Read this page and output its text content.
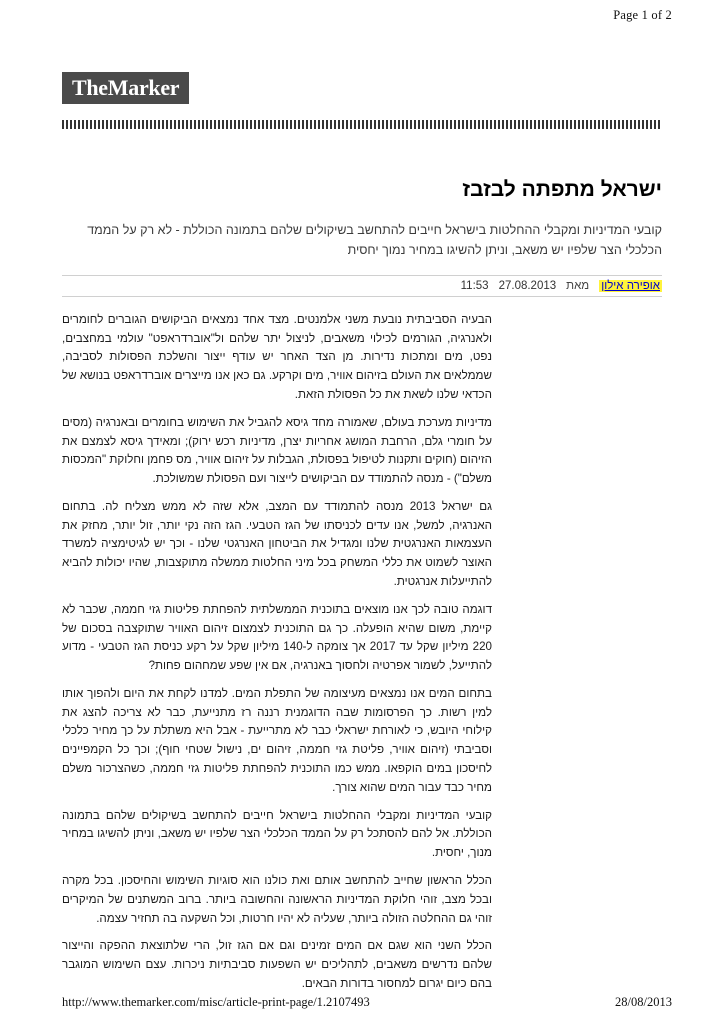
Page 1 of 2
TheMarker
ישראל מתפתה לבזבז
קובעי המדיניות ומקבלי ההחלטות בישראל חייבים להתחשב בשיקולים שלהם בתמונה הכוללת - לא רק על הממד הכלכלי הצר שלפיו יש משאב, וניתן להשיגו במחיר נמוך יחסית
אופירה אילון
מאת
27.08.2013
11:53

הבעיה הסביבתית נובעת משני אלמנטים. מצד אחד נמצאים הביקושים הגוברים לחומרים ולאנרגיה, הגורמים לכילוי משאבים, לניצול יתר שלהם ול"אוברדראפט" עולמי במחצבים, נפט, מים ומתכות נדירות. מן הצד האחר יש עודף ייצור והשלכת הפסולות לסביבה, שממלאים את העולם בזיהום אוויר, מים וקרקע. גם כאן אנו מייצרים אוברדראפט בנושא של הכדאי שלנו לשאת את כל הפסולת הזאת.

מדיניות מערכת בעולם, שאמורה מחד גיסא להגביל את השימוש בחומרים ובאנרגיה (מסים על חומרי גלם, הרחבת המושג אחריות יצרן, מדיניות רכש ירוק); ומאידך גיסא לצמצם את הזיהום (חוקים ותקנות לטיפול בפסולת, הגבלות על זיהום אוויר, מס פחמן וחלוקת "המכסות משלם") - מנסה להתמודד עם הביקושים לייצור ועם הפסולת שמשולכת.

גם ישראל 2013 מנסה להתמודד עם המצב, אלא שזה לא ממש מצליח לה. בתחום האנרגיה, למשל, אנו עדים לכניסתו של הגז הטבעי. הגז הזה נקי יותר, זול יותר, מחזק את העצמאות האנרגטית שלנו ומגדיל את הביטחון האנרגטי שלנו - וכך יש לגיטימציה למשרד האוצר לשמוט את כללי המשחק בכל מיני החלטות ממשלה מתוקצבות, שהיו יכולות להביא להתייעלות אנרגטית.

דוגמה טובה לכך אנו מוצאים בתוכנית הממשלתית להפחתת פליטות גזי חממה, שכבר לא קיימת, משום שהיא הופעלה. כך גם התוכנית לצמצום זיהום האוויר שתוקצבה בסכום של 220 מיליון שקל עד 2017 אך צומקה ל-140 מיליון שקל על רקע כניסת הגז הטבעי - מדוע להתייעל, לשמור אפרטיה ולחסוך באנרגיה, אם אין שפע שמחהום פחות?

בתחום המים אנו נמצאים מעיצומה של התפלת המים. למדנו לקחת את היום ולהפוך אותו למין רשות. כך הפרסומות שבה הדוגמנית רננה רז מתנייעת, כבר לא צריכה להצג את קילוחי היובש, כי לאורחת ישראלי כבר לא מתרייעת - אבל היא משתלת על כך מחיר כלכלי וסביבתי (זיהום אוויר, פליטת גזי חממה, זיהום ים, נישול שטחי חוף); וכך כל הקמפיינים לחיסכון במים הוקפאו. ממש כמו התוכנית להפחתת פליטות גזי חממה, כשהצרכור משלם מחיר כבד עבור המים שהוא צורך.

קובעי המדיניות ומקבלי ההחלטות בישראל חייבים להתחשב בשיקולים שלהם בתמונה הכוללת. אל להם להסתכל רק על הממד הכלכלי הצר שלפיו יש משאב, וניתן להשיגו במחיר מנוך, יחסית.

הכלל הראשון שחייב להתחשב אותם ואת כולנו הוא סוגיות השימוש והחיסכון. בכל מקרה ובכל מצב, זוהי חלוקת המדיניות הראשונה והחשובה ביותר. ברוב המשתנים של המיקרים זוהי גם ההחלטה הזולה ביותר, שעליה לא יהיו חרטות, וכל השקעה בה תחזיר עצמה.

הכלל השני הוא שגם אם המים זמינים וגם אם הגז זול, הרי שלתוצאת ההפקה והייצור שלהם נדרשים משאבים, לתהליכים יש השפעות סביבתיות ניכרות. עצם השימוש המוגבר בהם כיום יגרום למחסור בדורות הבאים.

http://www.themarker.com/misc/article-print-page/1.2107493	28/08/2013
